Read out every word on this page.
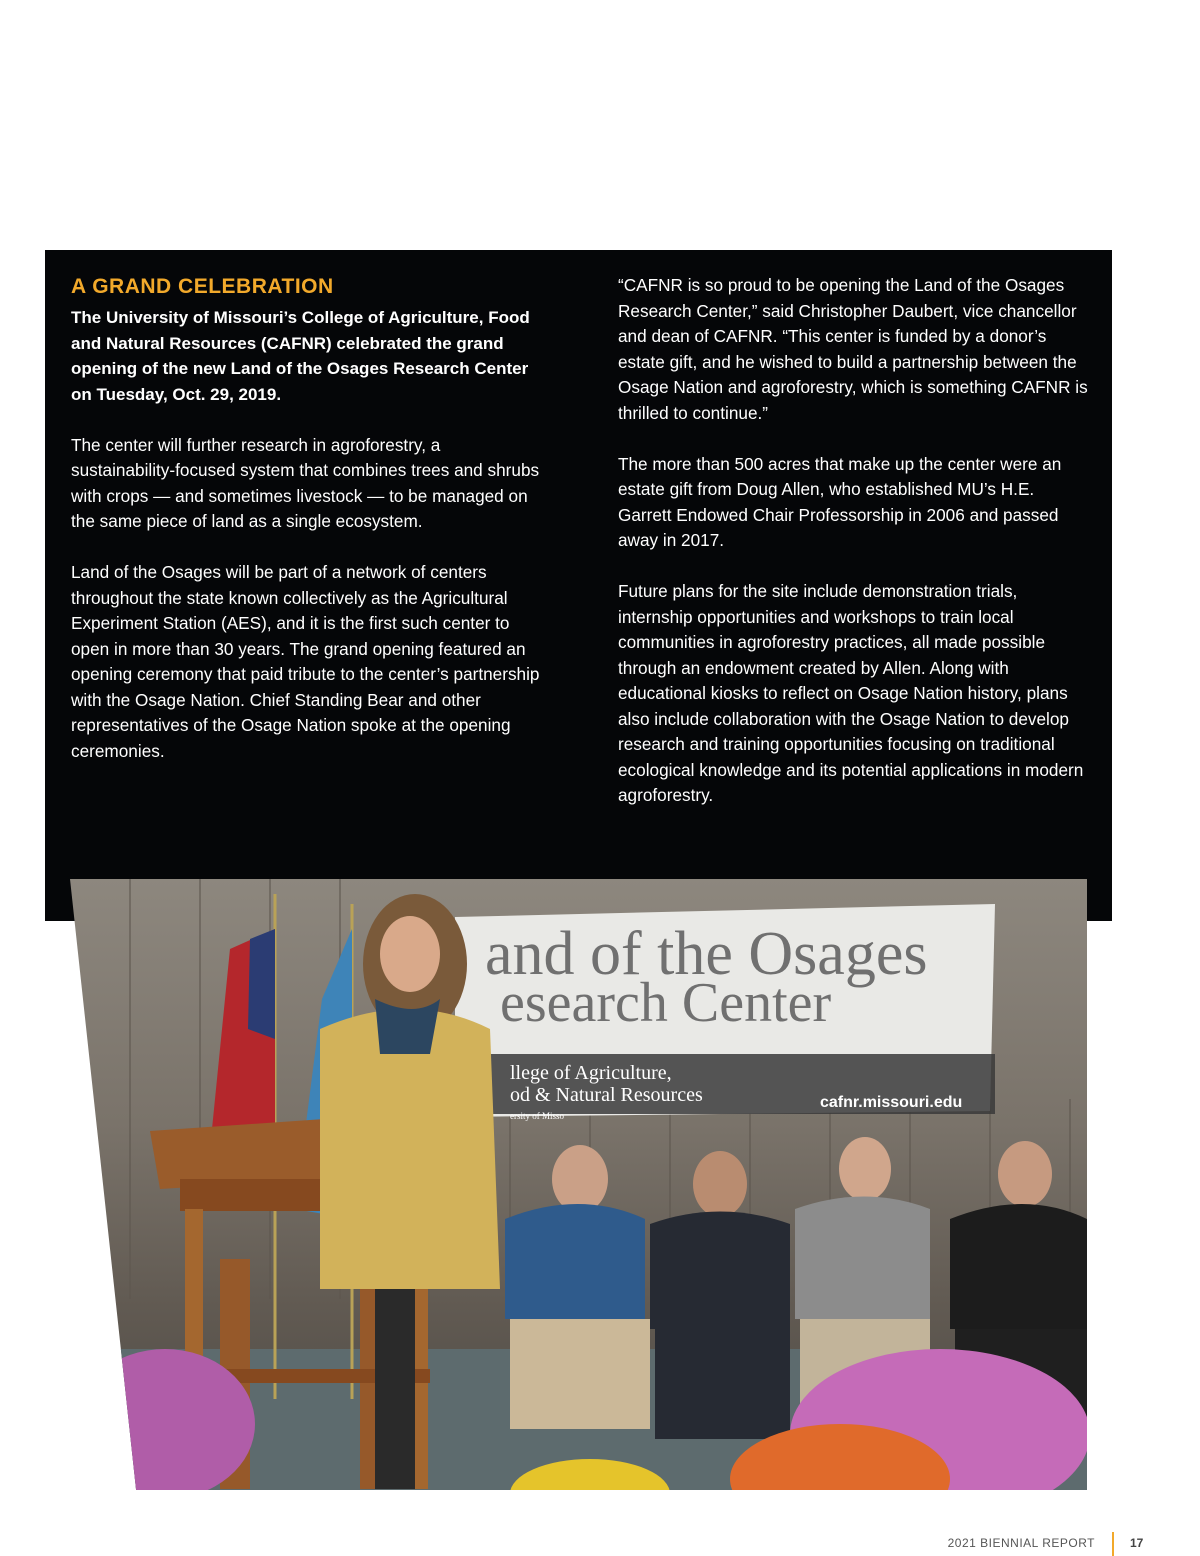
A GRAND CELEBRATION

The University of Missouri’s College of Agriculture, Food and Natural Resources (CAFNR) celebrated the grand opening of the new Land of the Osages Research Center on Tuesday, Oct. 29, 2019.

The center will further research in agroforestry, a sustainability-focused system that combines trees and shrubs with crops — and sometimes livestock — to be managed on the same piece of land as a single ecosystem.

Land of the Osages will be part of a network of centers throughout the state known collectively as the Agricultural Experiment Station (AES), and it is the first such center to open in more than 30 years. The grand opening featured an opening ceremony that paid tribute to the center’s partnership with the Osage Nation. Chief Standing Bear and other representatives of the Osage Nation spoke at the opening ceremonies.

“CAFNR is so proud to be opening the Land of the Osages Research Center,” said Christopher Daubert, vice chancellor and dean of CAFNR. “This center is funded by a donor’s estate gift, and he wished to build a partnership between the Osage Nation and agroforestry, which is something CAFNR is thrilled to continue.”

The more than 500 acres that make up the center were an estate gift from Doug Allen, who established MU’s H.E. Garrett Endowed Chair Professorship in 2006 and passed away in 2017.

Future plans for the site include demonstration trials, internship opportunities and workshops to train local communities in agroforestry practices, all made possible through an endowment created by Allen. Along with educational kiosks to reflect on Osage Nation history, plans also include collaboration with the Osage Nation to develop research and training opportunities focusing on traditional ecological knowledge and its potential applications in modern agroforestry.

and of the Osages
esearch Center
llege of Agriculture,
od & Natural Resources
ersity of Misso
cafnr.missouri.edu
2021 BIENNIAL REPORT	17
